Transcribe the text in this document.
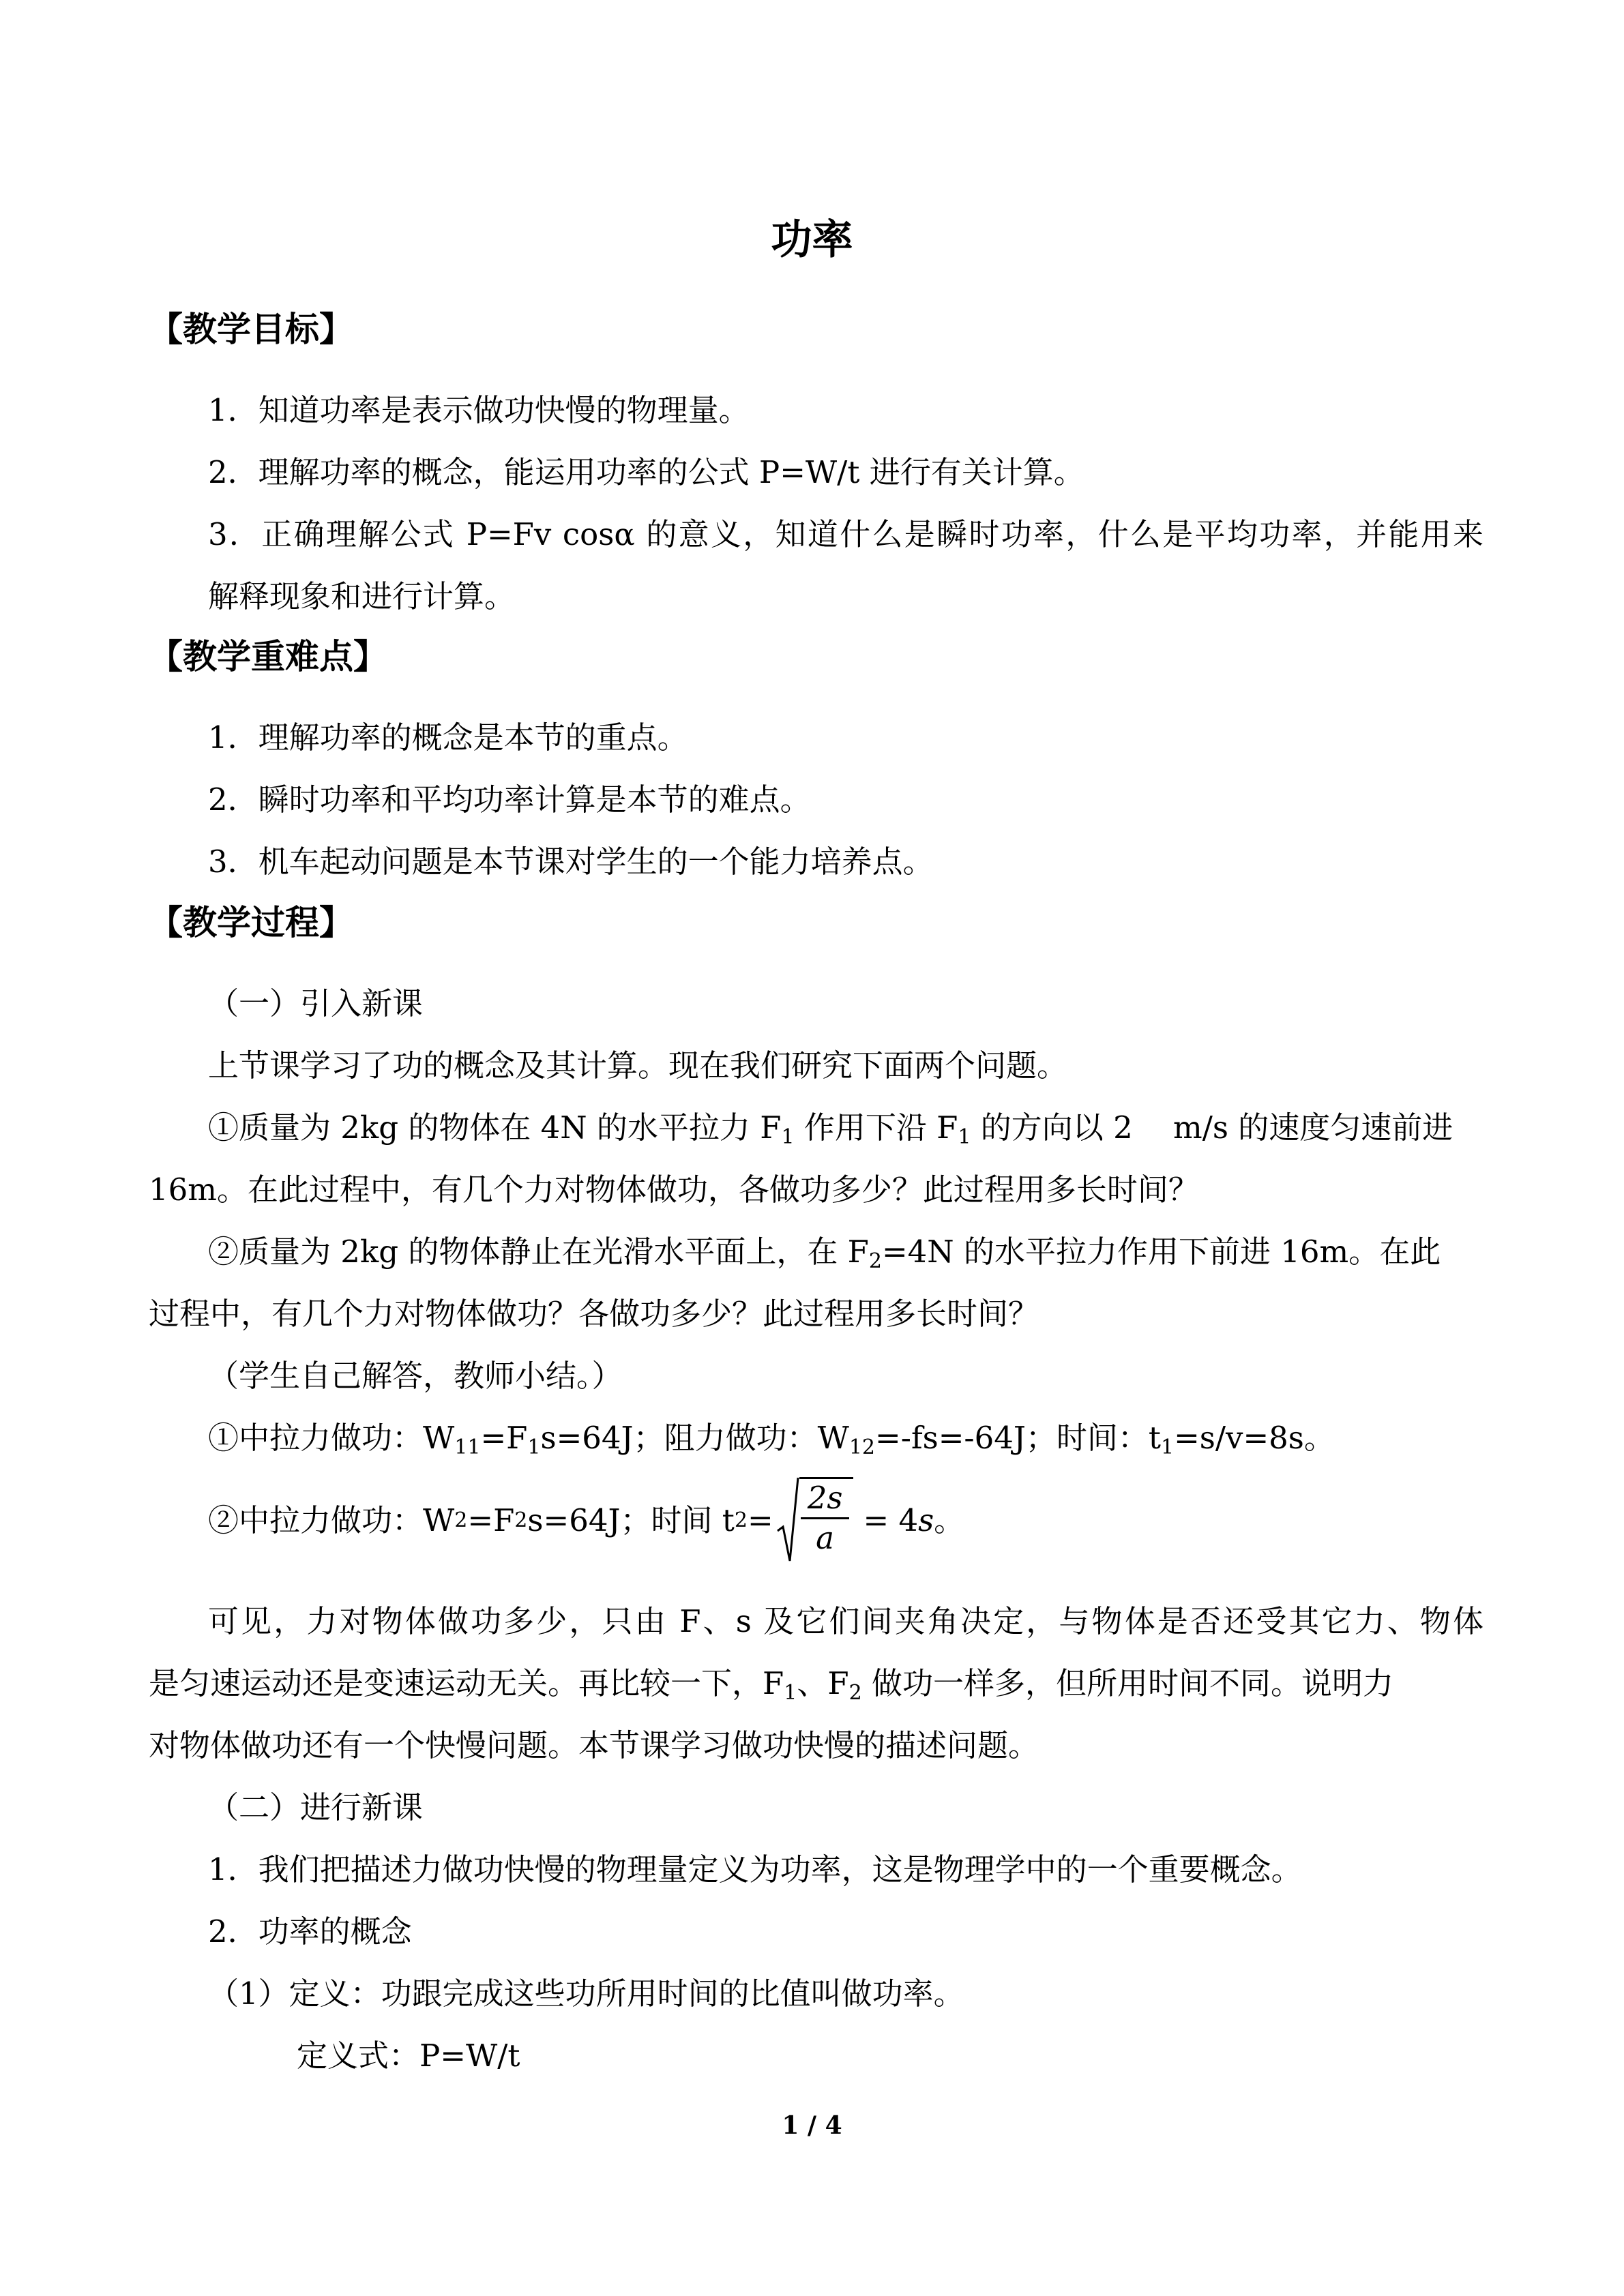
功率
【教学目标】
1．知道功率是表示做功快慢的物理量。
2．理解功率的概念，能运用功率的公式 P=W/t 进行有关计算。
3．正确理解公式 P=Fv cosα 的意义，知道什么是瞬时功率，什么是平均功率，并能用来
解释现象和进行计算。
【教学重难点】
1．理解功率的概念是本节的重点。
2．瞬时功率和平均功率计算是本节的难点。
3．机车起动问题是本节课对学生的一个能力培养点。
【教学过程】
（一）引入新课
上节课学习了功的概念及其计算。现在我们研究下面两个问题。
①质量为 2kg 的物体在 4N 的水平拉力 $F_1$ 作用下沿 $F_1$ 的方向以 2　 m/s 的速度匀速前进
16m。在此过程中，有几个力对物体做功，各做功多少？此过程用多长时间？
②质量为 2kg 的物体静止在光滑水平面上，在 $F_2=4N$ 的水平拉力作用下前进 16m。在此
过程中，有几个力对物体做功？各做功多少？此过程用多长时间？
（学生自己解答，教师小结。）
①中拉力做功：$W_{11}=F_1s=64J$；阻力做功：$W_{12}=-fs=-64J$；时间：$t_1=s/v=8s$。
②中拉力做功：W 2 =F 2 s=64J；时间 t $2 = \frac{2s}{a} = 4$ s 。
可见，力对物体做功多少，只由 F、s 及它们间夹角决定，与物体是否还受其它力、物体
是匀速运动还是变速运动无关。再比较一下，$F_1$、$F_2$ 做功一样多，但所用时间不同。说明力
对物体做功还有一个快慢问题。本节课学习做功快慢的描述问题。
（二）进行新课
1．我们把描述力做功快慢的物理量定义为功率，这是物理学中的一个重要概念。
2．功率的概念
（1）定义：功跟完成这些功所用时间的比值叫做功率。
定义式：P=W/t
1 / 4
